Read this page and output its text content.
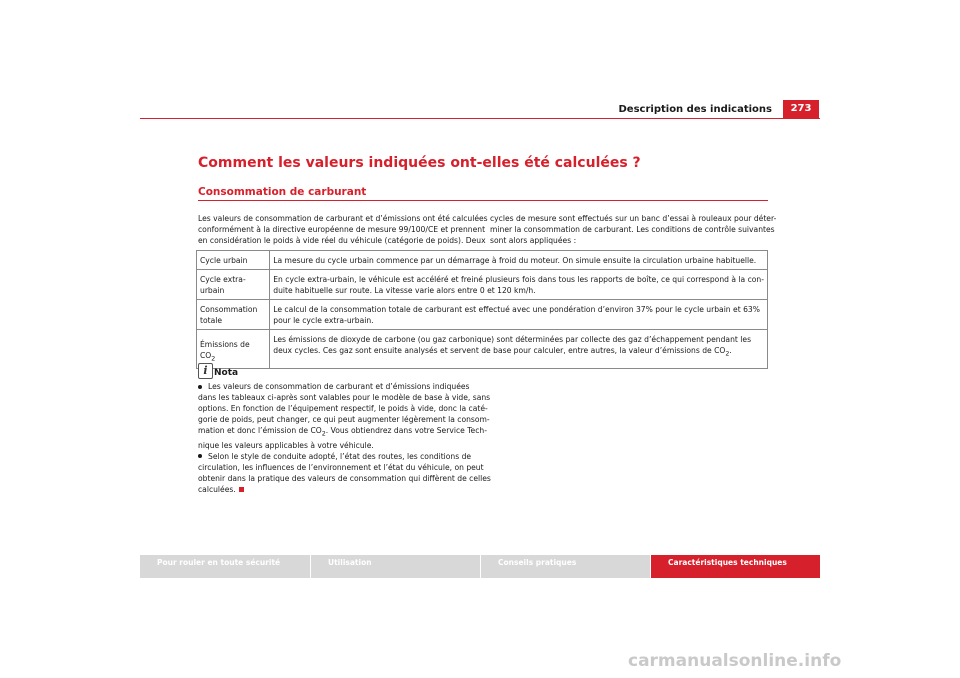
Description des indications	273
Comment les valeurs indiquées ont-elles été calculées ?
Consommation de carburant
Les valeurs de consommation de carburant et d’émissions ont été calculées
conformément à la directive européenne de mesure 99/100/CE et prennent
en considération le poids à vide réel du véhicule (catégorie de poids). Deux
cycles de mesure sont effectués sur un banc d’essai à rouleaux pour déter-
miner la consommation de carburant. Les conditions de contrôle suivantes
sont alors appliquées :
Cycle urbain	La mesure du cycle urbain commence par un démarrage à froid du moteur. On simule ensuite la circulation urbaine habituelle.

Cycle extra-urbain	En cycle extra-urbain, le véhicule est accéléré et freiné plusieurs fois dans tous les rapports de boîte, ce qui correspond à la con-
duite habituelle sur route. La vitesse varie alors entre 0 et 120 km/h.

Consommation totale	Le calcul de la consommation totale de carburant est effectué avec une pondération d’environ 37% pour le cycle urbain et 63%
pour le cycle extra-urbain.

Émissions de $CO_2$	Les émissions de dioxyde de carbone (ou gaz carbonique) sont déterminées par collecte des gaz d’échappement pendant les
deux cycles. Ces gaz sont ensuite analysés et servent de base pour calculer, entre autres, la valeur d’émissions de $CO_2$.
i Nota
Les valeurs de consommation de carburant et d’émissions indiquées
dans les tableaux ci-après sont valables pour le modèle de base à vide, sans
options. En fonction de l’équipement respectif, le poids à vide, donc la caté-
gorie de poids, peut changer, ce qui peut augmenter légèrement la consom-
mation et donc l’émission de $CO_2$. Vous obtiendrez dans votre Service Tech-
nique les valeurs applicables à votre véhicule.
Selon le style de conduite adopté, l’état des routes, les conditions de
circulation, les influences de l’environnement et l’état du véhicule, on peut
obtenir dans la pratique des valeurs de consommation qui diffèrent de celles
calculées.
Pour rouler en toute sécurité	Utilisation	Conseils pratiques	Caractéristiques techniques
carmanualsonline.info
